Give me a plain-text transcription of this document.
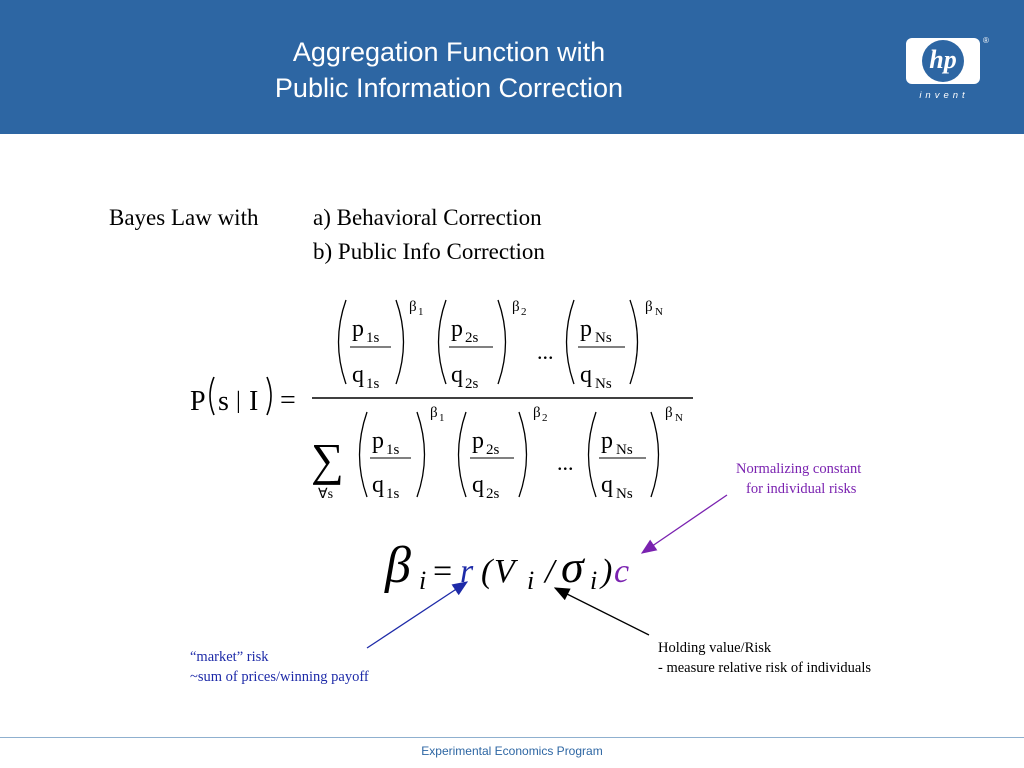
Aggregation Function with
Public Information Correction
hp
®
invent
Bayes Law with a) Behavioral Correction
b) Public Info Correction
P s | I =
p 1s
q 1s
β 1
p 2s
q 2s
β 2
...
p Ns
q Ns
β N
∑
∀s
p 1s
q 1s
β 1
p 2s
q 2s
β 2
...
p Ns
q Ns
β N
β i = r ( V i / σ i ) c
Normalizing constant
for individual risks
“market” risk
~sum of prices/winning payoff
Holding value/Risk
- measure relative risk of individuals
Experimental Economics Program
